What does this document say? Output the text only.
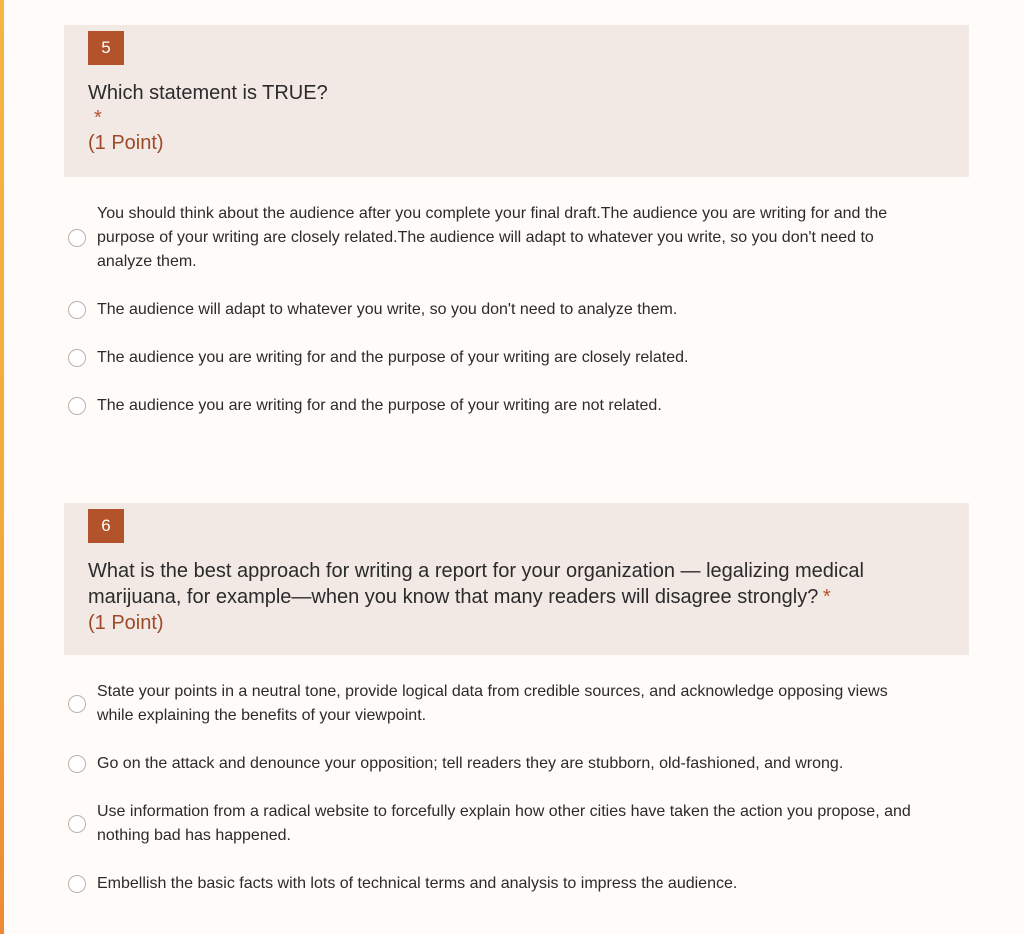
5
Which statement is TRUE?
*
(1 Point)
You should think about the audience after you complete your final draft.The audience you are writing for and the purpose of your writing are closely related.The audience will adapt to whatever you write, so you don't need to analyze them.
The audience will adapt to whatever you write, so you don't need to analyze them.
The audience you are writing for and the purpose of your writing are closely related.
The audience you are writing for and the purpose of your writing are not related.
6
What is the best approach for writing a report for your organization — legalizing medical marijuana, for example—when you know that many readers will disagree strongly? *
(1 Point)
State your points in a neutral tone, provide logical data from credible sources, and acknowledge opposing views while explaining the benefits of your viewpoint.
Go on the attack and denounce your opposition; tell readers they are stubborn, old-fashioned, and wrong.
Use information from a radical website to forcefully explain how other cities have taken the action you propose, and nothing bad has happened.
Embellish the basic facts with lots of technical terms and analysis to impress the audience.
